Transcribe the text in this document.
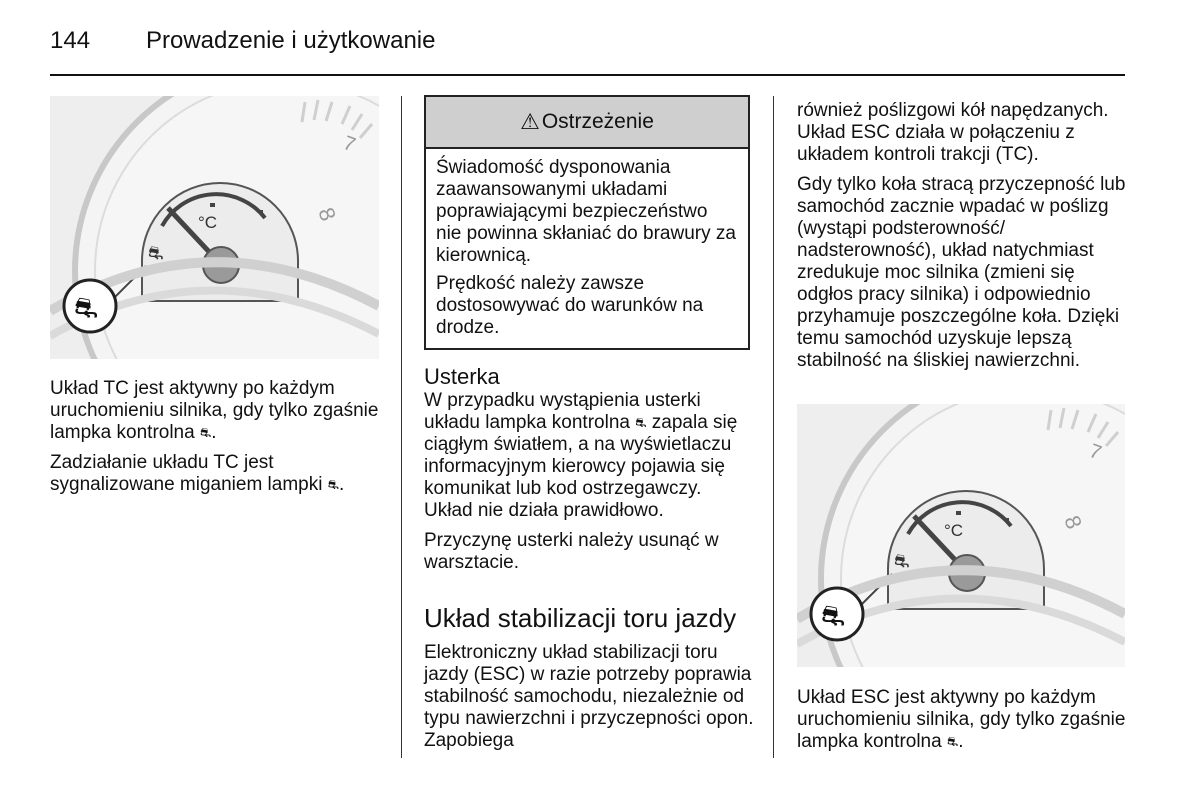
144 Prowadzenie i użytkowanie
7
8
°C
⛐
⛐

Układ TC jest aktywny po każdym uruchomieniu silnika, gdy tylko zgaśnie lampka kontrolna ⛐.

Zadziałanie układu TC jest sygnalizowane miganiem lampki ⛐.

⚠ Ostrzeżenie

Świadomość dysponowania zaawansowanymi układami poprawiającymi bezpieczeństwo nie powinna skłaniać do brawury za kierownicą.

Prędkość należy zawsze dostosowywać do warunków na drodze.

Usterka

W przypadku wystąpienia usterki układu lampka kontrolna ⛐ zapala się ciągłym światłem, a na wyświetlaczu informacyjnym kierowcy pojawia się komunikat lub kod ostrzegawczy. Układ nie działa prawidłowo.

Przyczynę usterki należy usunąć w warsztacie.

Układ stabilizacji toru jazdy

Elektroniczny układ stabilizacji toru jazdy (ESC) w razie potrzeby poprawia stabilność samochodu, niezależnie od typu nawierzchni i przyczepności opon. Zapobiega

również poślizgowi kół napędzanych. Układ ESC działa w połączeniu z układem kontroli trakcji (TC).

Gdy tylko koła stracą przyczepność lub samochód zacznie wpadać w poślizg (wystąpi podsterowność/ nadsterowność), układ natychmiast zredukuje moc silnika (zmieni się odgłos pracy silnika) i odpowiednio przyhamuje poszczególne koła. Dzięki temu samochód uzyskuje lepszą stabilność na śliskiej nawierzchni.

7
8
°C
⛐
⛐

Układ ESC jest aktywny po każdym uruchomieniu silnika, gdy tylko zgaśnie lampka kontrolna ⛐.
